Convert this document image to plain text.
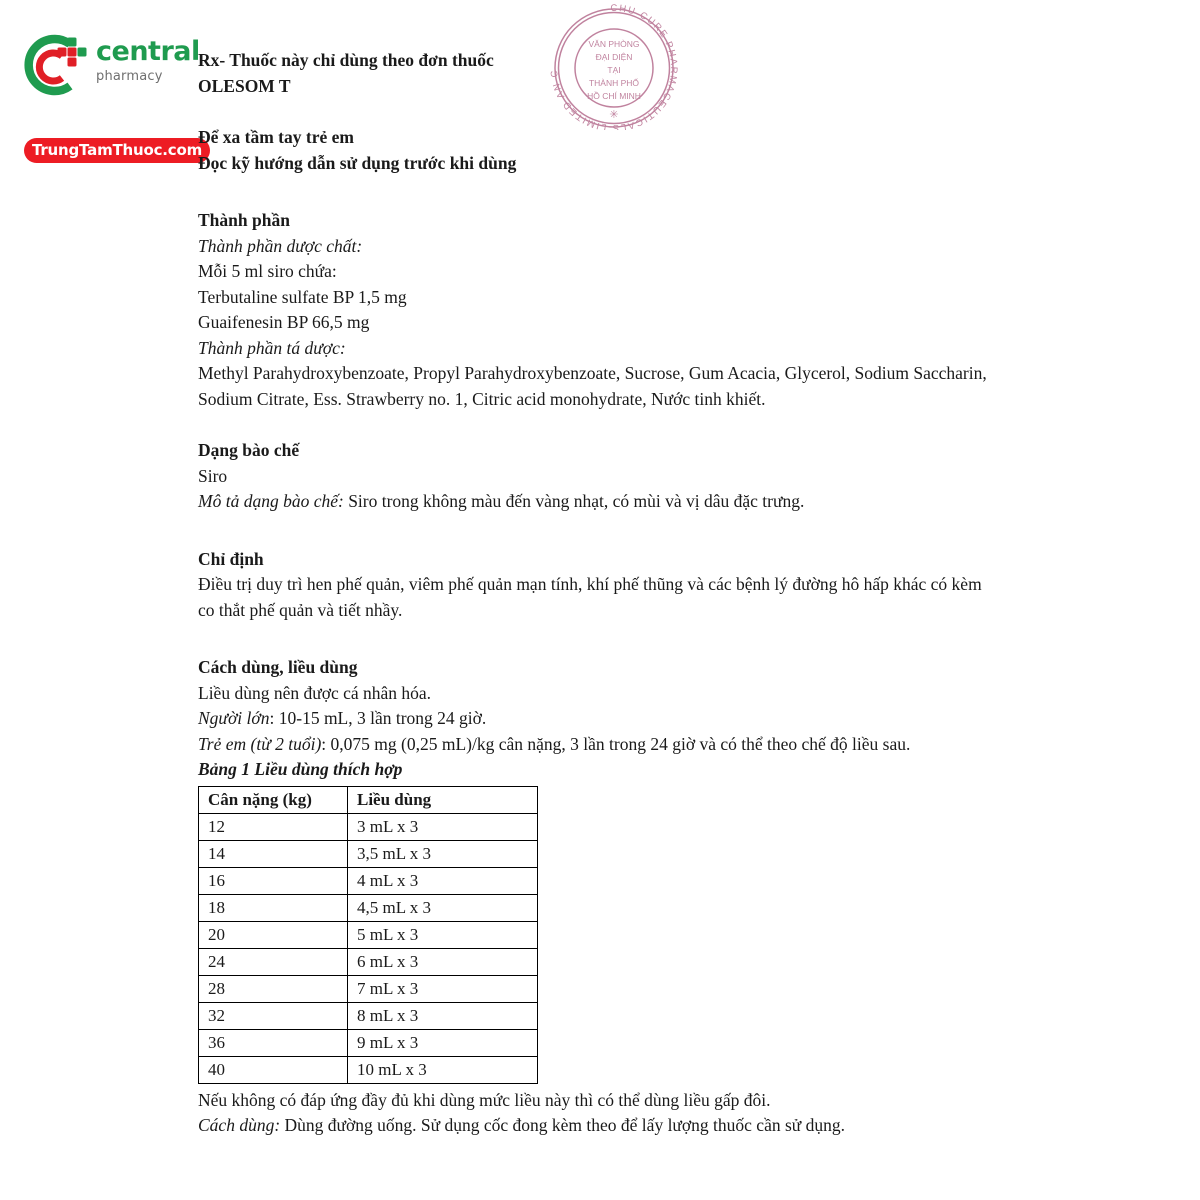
central
pharmacy
TrungTamThuoc.com
CHU CURE PHARMACEUTICALS LIMITED AN C
VĂN PHÒNG
ĐẠI DIỆN
TẠI
THÀNH PHỐ
HỒ CHÍ MINH
✳
Rx- Thuốc này chỉ dùng theo đơn thuốc
OLESOM T
Để xa tầm tay trẻ em
Đọc kỹ hướng dẫn sử dụng trước khi dùng
Thành phần
Thành phần dược chất:
Mỗi 5 ml siro chứa:
Terbutaline sulfate BP 1,5 mg
Guaifenesin BP 66,5 mg
Thành phần tá dược:
Methyl Parahydroxybenzoate, Propyl Parahydroxybenzoate, Sucrose, Gum Acacia, Glycerol, Sodium Saccharin, Sodium Citrate, Ess. Strawberry no. 1, Citric acid monohydrate, Nước tinh khiết.
Dạng bào chế
Siro
Mô tả dạng bào chế: Siro trong không màu đến vàng nhạt, có mùi và vị dâu đặc trưng.
Chỉ định
Điều trị duy trì hen phế quản, viêm phế quản mạn tính, khí phế thũng và các bệnh lý đường hô hấp khác có kèm co thắt phế quản và tiết nhầy.
Cách dùng, liều dùng
Liều dùng nên được cá nhân hóa.
Người lớn: 10-15 mL, 3 lần trong 24 giờ.
Trẻ em (từ 2 tuổi): 0,075 mg (0,25 mL)/kg cân nặng, 3 lần trong 24 giờ và có thể theo chế độ liều sau.
Bảng 1 Liều dùng thích hợp
Cân nặng (kg)	Liều dùng
12	3 mL x 3
14	3,5 mL x 3
16	4 mL x 3
18	4,5 mL x 3
20	5 mL x 3
24	6 mL x 3
28	7 mL x 3
32	8 mL x 3
36	9 mL x 3
40	10 mL x 3
Nếu không có đáp ứng đầy đủ khi dùng mức liều này thì có thể dùng liều gấp đôi.
Cách dùng: Dùng đường uống. Sử dụng cốc đong kèm theo để lấy lượng thuốc cần sử dụng.
